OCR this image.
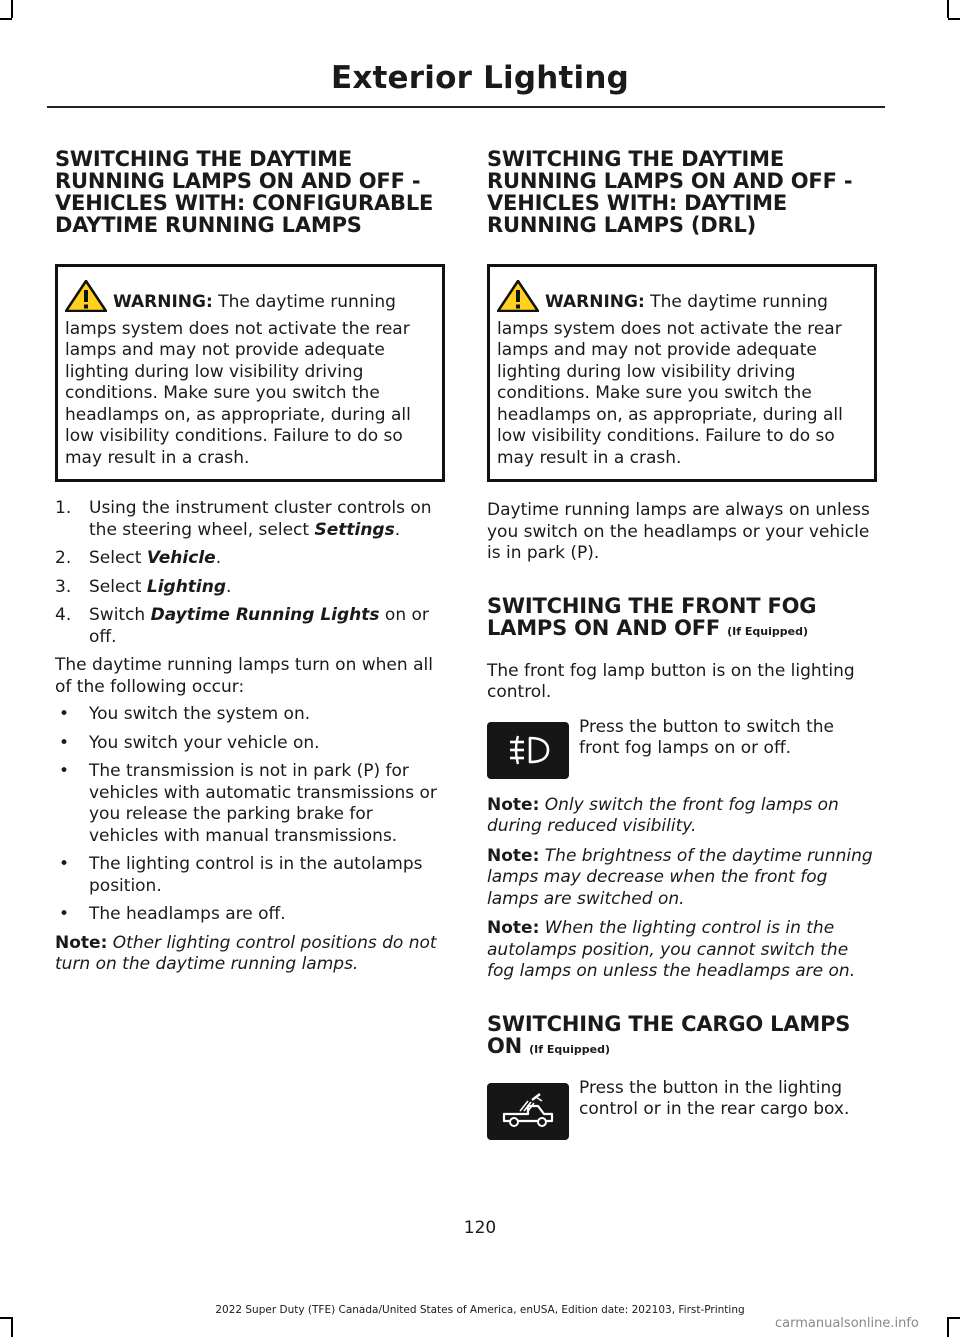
Exterior Lighting
SWITCHING THE DAYTIME RUNNING LAMPS ON AND OFF - VEHICLES WITH: CONFIGURABLE DAYTIME RUNNING LAMPS
WARNING: The daytime running lamps system does not activate the rear lamps and may not provide adequate lighting during low visibility driving conditions. Make sure you switch the headlamps on, as appropriate, during all low visibility conditions. Failure to do so may result in a crash.
1. Using the instrument cluster controls on the steering wheel, select Settings.
2. Select Vehicle.
3. Select Lighting.
4. Switch Daytime Running Lights on or off.

The daytime running lamps turn on when all of the following occur:

• You switch the system on.
• You switch your vehicle on.
• The transmission is not in park (P) for vehicles with automatic transmissions or you release the parking brake for vehicles with manual transmissions.
• The lighting control is in the autolamps position.
• The headlamps are off.
Note: Other lighting control positions do not turn on the daytime running lamps.
SWITCHING THE DAYTIME RUNNING LAMPS ON AND OFF - VEHICLES WITH: DAYTIME RUNNING LAMPS (DRL)
WARNING: The daytime running lamps system does not activate the rear lamps and may not provide adequate lighting during low visibility driving conditions. Make sure you switch the headlamps on, as appropriate, during all low visibility conditions. Failure to do so may result in a crash.

Daytime running lamps are always on unless you switch on the headlamps or your vehicle is in park (P).

SWITCHING THE FRONT FOG LAMPS ON AND OFF (If Equipped)

The front fog lamp button is on the lighting control.

Press the button to switch the front fog lamps on or off.
Note: Only switch the front fog lamps on during reduced visibility.
Note: The brightness of the daytime running lamps may decrease when the front fog lamps are switched on.
Note: When the lighting control is in the autolamps position, you cannot switch the fog lamps on unless the headlamps are on.
SWITCHING THE CARGO LAMPS ON (If Equipped)
Press the button in the lighting control or in the rear cargo box.
120
2022 Super Duty (TFE) Canada/United States of America, enUSA, Edition date: 202103, First-Printing
carmanualsonline.info
